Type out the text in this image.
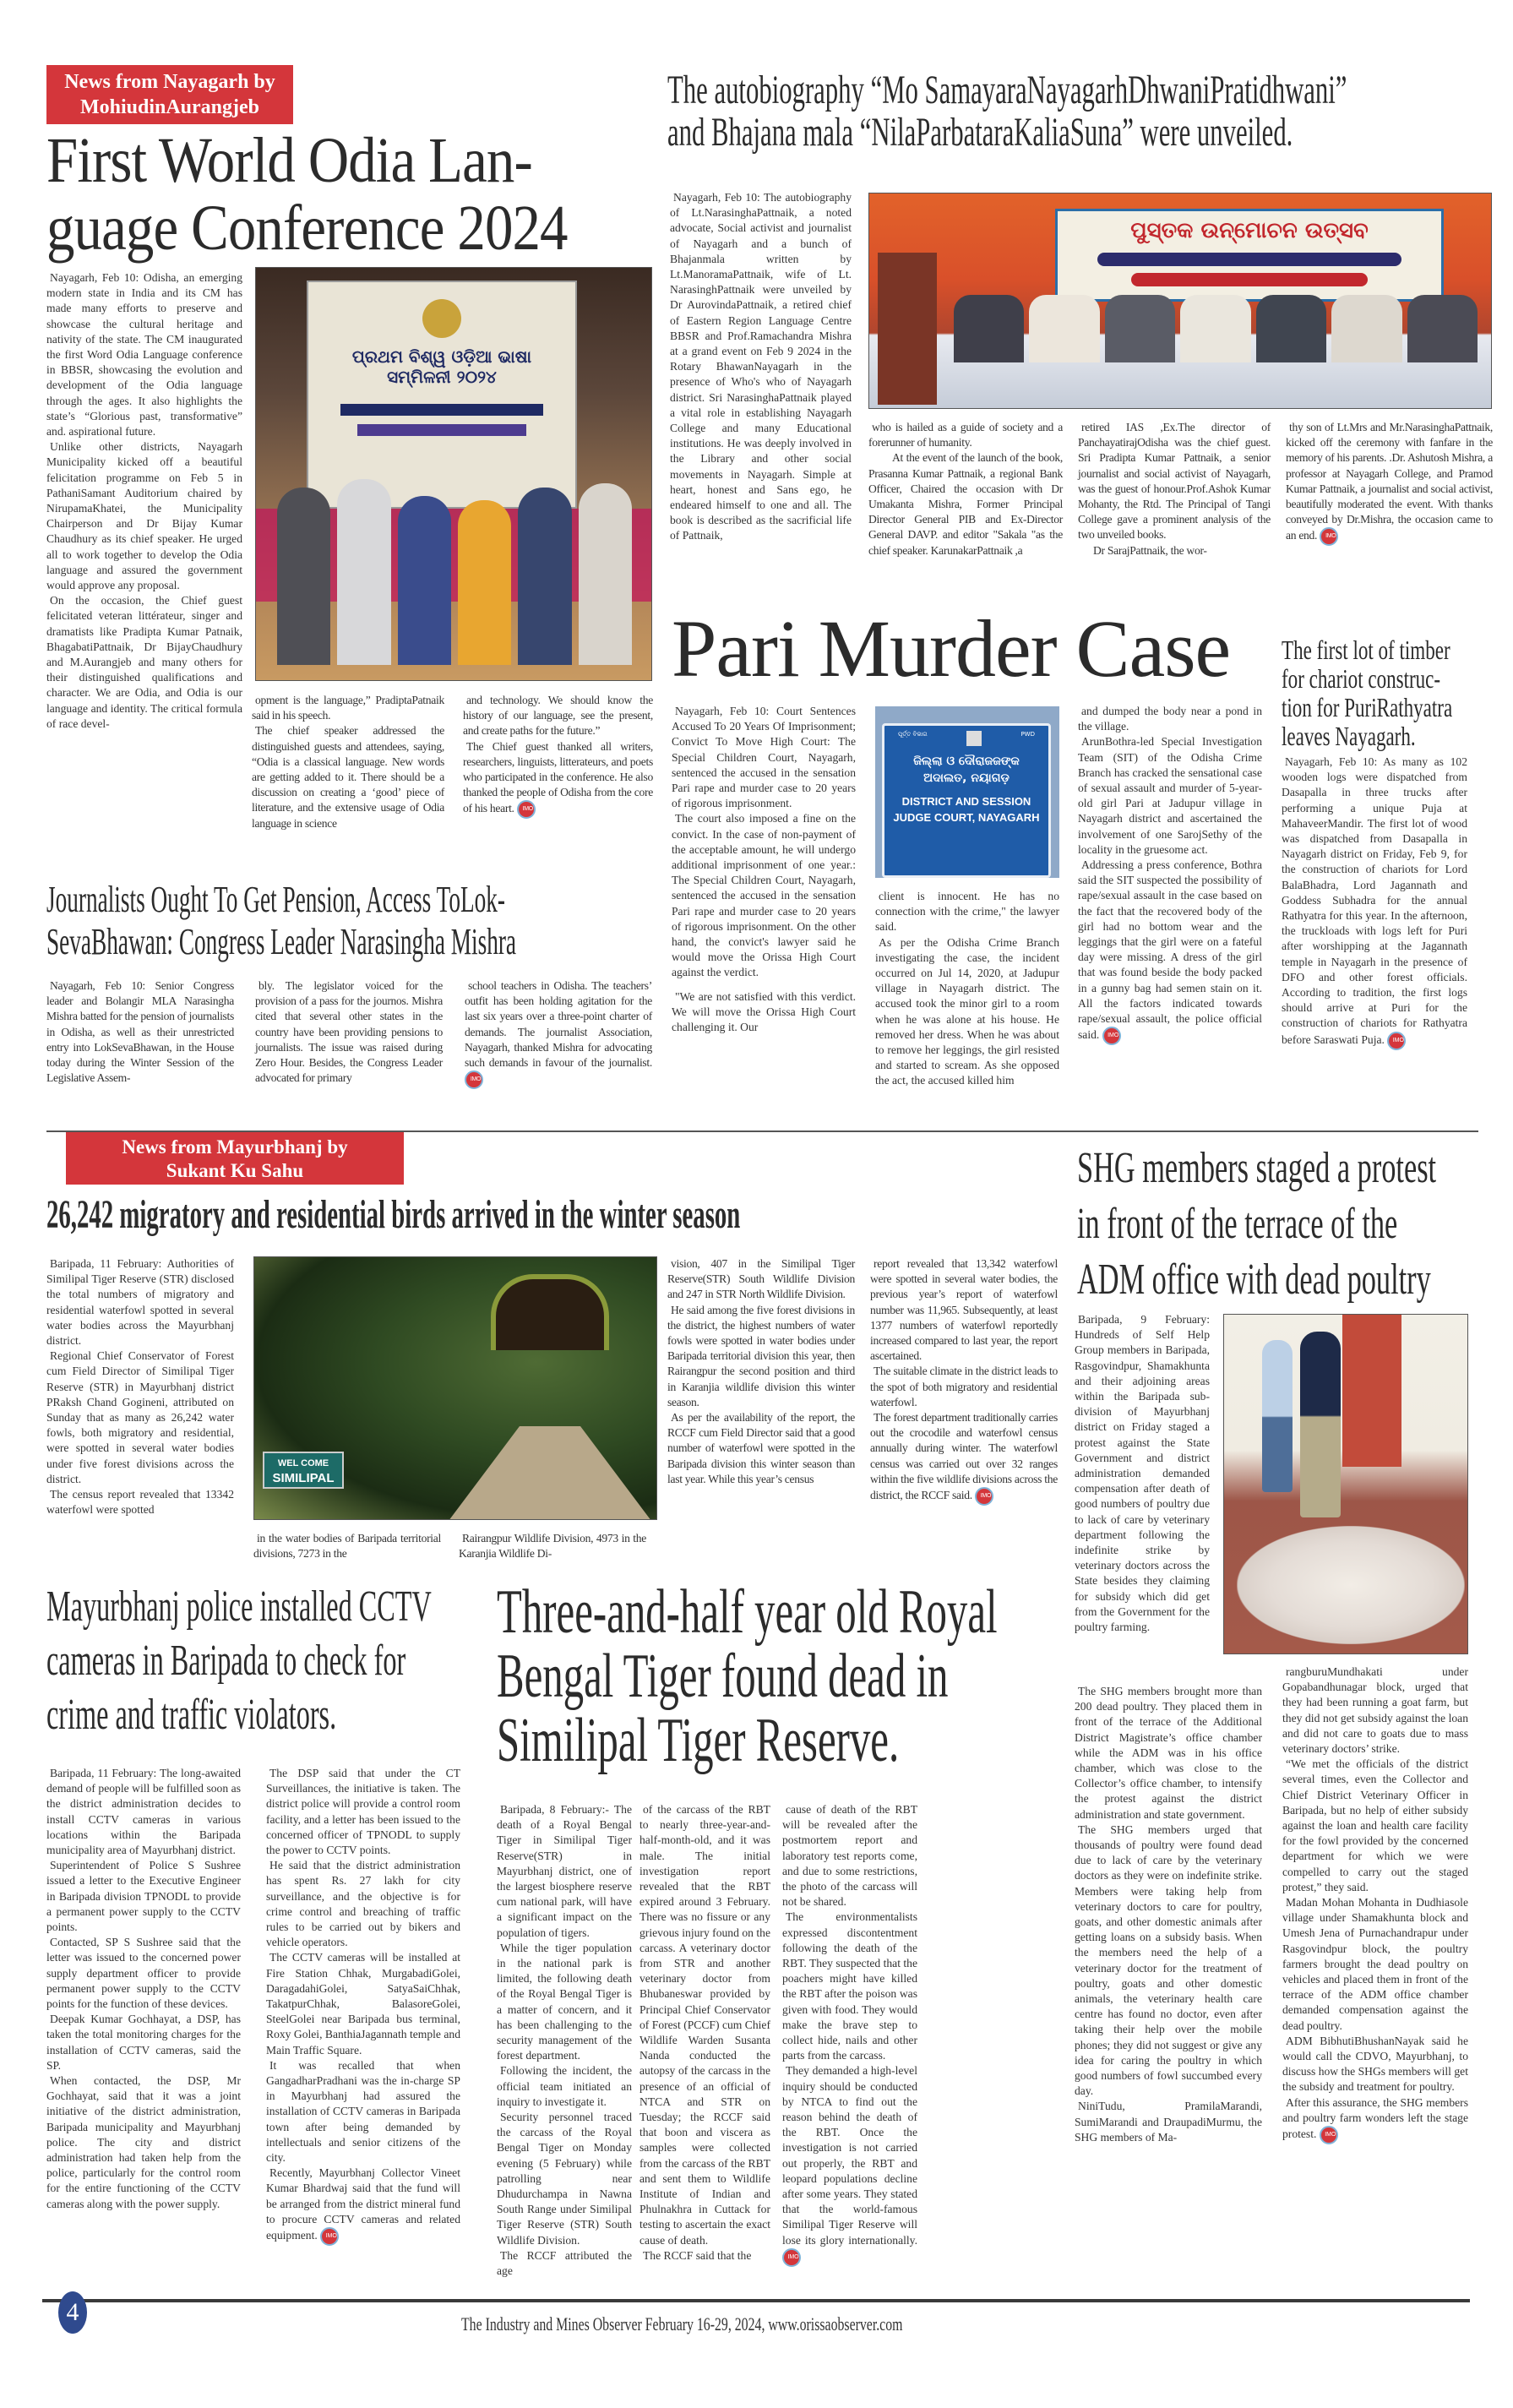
News from Nayagarh by
MohiudinAurangjeb
First World Odia Lan-
guage Conference 2024

Nayagarh, Feb 10: Odisha, an emerging modern state in India and its CM has made many efforts to preserve and showcase the cultural heritage and nativity of the state. The CM inaugurated the first Word Odia Language conference in BBSR, showcasing the evolution and development of the Odia language through the ages. It also highlights the state’s “Glorious past, transformative” and. aspirational future.

Unlike other districts, Nayagarh Municipality kicked off a beautiful felicitation programme on Feb 5 in PathaniSamant Auditorium chaired by NirupamaKhatei, the Municipality Chairperson and Dr Bijay Kumar Chaudhury as its chief speaker. He urged all to work together to develop the Odia language and assured the government would approve any proposal.

On the occasion, the Chief guest felicitated veteran littérateur, singer and dramatists like Pradipta Kumar Patnaik, BhagabatiPattnaik, Dr BijayChaudhury and M.Aurangjeb and many others for their distinguished qualifications and character. We are Odia, and Odia is our language and identity. The critical formula of race devel-

ପ୍ରଥମ ବିଶ୍ୱ ଓଡ଼ିଆ ଭାଷା ସମ୍ମିଳନୀ ୨୦୨୪

opment is the language,” PradiptaPatnaik said in his speech.

The chief speaker addressed the distinguished guests and attendees, saying, “Odia is a classical language. New words are getting added to it. There should be a discussion on creating a ‘good’ piece of literature, and the extensive usage of Odia language in science

and technology. We should know the history of our language, see the present, and create paths for the future.”

The Chief guest thanked all writers, researchers, linguists, litterateurs, and poets who participated in the conference. He also thanked the people of Odisha from the core of his heart. IMO

The autobiography “Mo SamayaraNayagarhDhwaniPratidhwani”
and Bhajana mala “NilaParbataraKaliaSuna” were unveiled.

Nayagarh, Feb 10: The autobiography of Lt.NarasinghaPattnaik, a noted advocate, Social activist and journalist of Nayagarh and a bunch of Bhajanmala written by Lt.ManoramaPattnaik, wife of Lt. NarasinghPattnaik were unveiled by Dr AurovindaPattnaik, a retired chief of Eastern Region Language Centre BBSR and Prof.Ramachandra Mishra at a grand event on Feb 9 2024 in the Rotary BhawanNayagarh in the presence of Who's who of Nayagarh district. Sri NarasinghaPattnaik played a vital role in establishing Nayagarh College and many Educational institutions. He was deeply involved in the Library and other social movements in Nayagarh. Simple at heart, honest and Sans ego, he endeared himself to one and all. The book is described as the sacrificial life of Pattnaik,

ପୁସ୍ତକ ଉନ୍ମୋଚନ ଉତ୍ସବ

who is hailed as a guide of society and a forerunner of humanity.

At the event of the launch of the book, Prasanna Kumar Pattnaik, a regional Bank Officer, Chaired the occasion with Dr Umakanta Mishra, Former Principal Director General PIB and Ex-Director General DAVP. and editor "Sakala "as the chief speaker. KarunakarPattnaik ,a

retired IAS ,Ex.The director of PanchayatirajOdisha was the chief guest. Sri Pradipta Kumar Pattnaik, a senior journalist and social activist of Nayagarh, was the guest of honour.Prof.Ashok Kumar Mohanty, the Rtd. The Principal of Tangi College gave a prominent analysis of the two unveiled books.

Dr SarajPattnaik, the wor-

thy son of Lt.Mrs and Mr.NarasinghaPattnaik, kicked off the ceremony with fanfare in the memory of his parents. .Dr. Ashutosh Mishra, a professor at Nayagarh College, and Pramod Kumar Pattnaik, a journalist and social activist, beautifully moderated the event. With thanks conveyed by Dr.Mishra, the occasion came to an end. IMO

Pari Murder Case

Nayagarh, Feb 10: Court Sentences Accused To 20 Years Of Imprisonment; Convict To Move High Court: The Special Children Court, Nayagarh, sentenced the accused in the sensation Pari rape and murder case to 20 years of rigorous imprisonment.

The court also imposed a fine on the convict. In the case of non-payment of the acceptable amount, he will undergo additional imprisonment of one year.: The Special Children Court, Nayagarh, sentenced the accused in the sensation Pari rape and murder case to 20 years of rigorous imprisonment. On the other hand, the convict's lawyer said he would move the Orissa High Court against the verdict.

"We are not satisfied with this verdict. We will move the Orissa High Court challenging it. Our

ପୂର୍ତ୍ତ ବିଭାଗ	PWD
ଜିଲ୍ଲା ଓ ଦୌରାଜଜଙ୍କ
ଅଦାଲତ, ନୟାଗଡ଼
DISTRICT AND SESSION
JUDGE COURT, NAYAGARH

client is innocent. He has no connection with the crime," the lawyer said.

As per the Odisha Crime Branch investigating the case, the incident occurred on Jul 14, 2020, at Jadupur village in Nayagarh district. The accused took the minor girl to a room when he was alone at his house. He removed her dress. When he was about to remove her leggings, the girl resisted and started to scream. As she opposed the act, the accused killed him

and dumped the body near a pond in the village.

ArunBothra-led Special Investigation Team (SIT) of the Odisha Crime Branch has cracked the sensational case of sexual assault and murder of 5-year-old girl Pari at Jadupur village in Nayagarh district and ascertained the involvement of one SarojSethy of the locality in the gruesome act.

Addressing a press conference, Bothra said the SIT suspected the possibility of rape/sexual assault in the case based on the fact that the recovered body of the girl had no bottom wear and the leggings that the girl were on a fateful day were missing. A dress of the girl that was found beside the body packed in a gunny bag had semen stain on it. All the factors indicated towards rape/sexual assault, the police official said. IMO

The first lot of timber
for chariot construc-
tion for PuriRathyatra
leaves Nayagarh.

Nayagarh, Feb 10: As many as 102 wooden logs were dispatched from Dasapalla in three trucks after performing a unique Puja at MahaveerMandir. The first lot of wood was dispatched from Dasapalla in Nayagarh district on Friday, Feb 9, for the construction of chariots for Lord BalaBhadra, Lord Jagannath and Goddess Subhadra for the annual Rathyatra for this year. In the afternoon, the truckloads with logs left for Puri after worshipping at the Jagannath temple in Nayagarh in the presence of DFO and other forest officials. According to tradition, the first logs should arrive at Puri for the construction of chariots for Rathyatra before Saraswati Puja. IMO

Journalists Ought To Get Pension, Access ToLok-
SevaBhawan: Congress Leader Narasingha Mishra

Nayagarh, Feb 10: Senior Congress leader and Bolangir MLA Narasingha Mishra batted for the pension of journalists in Odisha, as well as their unrestricted entry into LokSevaBhawan, in the House today during the Winter Session of the Legislative Assem-

bly. The legislator voiced for the provision of a pass for the journos. Mishra cited that several other states in the country have been providing pensions to journalists. The issue was raised during Zero Hour. Besides, the Congress Leader advocated for primary

school teachers in Odisha. The teachers’ outfit has been holding agitation for the last six years over a three-point charter of demands. The journalist Association, Nayagarh, thanked Mishra for advocating such demands in favour of the journalist. IMO

News from Mayurbhanj by
Sukant Ku Sahu
26,242 migratory and residential birds arrived in the winter season

Baripada, 11 February: Authorities of Similipal Tiger Reserve (STR) disclosed the total numbers of migratory and residential waterfowl spotted in several water bodies across the Mayurbhanj district.

Regional Chief Conservator of Forest cum Field Director of Similipal Tiger Reserve (STR) in Mayurbhanj district PRaksh Chand Gogineni, attributed on Sunday that as many as 26,242 water fowls, both migratory and residential, were spotted in several water bodies under five forest divisions across the district.

The census report revealed that 13342 waterfowl were spotted

WEL COME
SIMILIPAL

in the water bodies of Baripada territorial divisions, 7273 in the

Rairangpur Wildlife Division, 4973 in the Karanjia Wildlife Di-

vision, 407 in the Similipal Tiger Reserve(STR) South Wildlife Division and 247 in STR North Wildlife Division.

He said among the five forest divisions in the district, the highest numbers of water fowls were spotted in water bodies under Baripada territorial division this year, then Rairangpur the second position and third in Karanjia wildlife division this winter season.

As per the availability of the report, the RCCF cum Field Director said that a good number of waterfowl were spotted in the Baripada division this winter season than last year. While this year’s census

report revealed that 13,342 waterfowl were spotted in several water bodies, the previous year’s report of waterfowl number was 11,965. Subsequently, at least 1377 numbers of waterfowl reportedly increased compared to last year, the report ascertained.

The suitable climate in the district leads to the spot of both migratory and residential waterfowl.

The forest department traditionally carries out the crocodile and waterfowl census annually during winter. The waterfowl census was carried out over 32 ranges within the five wildlife divisions across the district, the RCCF said. IMO

SHG members staged a protest
in front of the terrace of the
ADM office with dead poultry

Baripada, 9 February: Hundreds of Self Help Group members in Baripada, Rasgovindpur, Shamakhunta and their adjoining areas within the Baripada sub-division of Mayurbhanj district on Friday staged a protest against the State Government and district administration demanded compensation after death of good numbers of poultry due to lack of care by veterinary department following the indefinite strike by veterinary doctors across the State besides they claiming for subsidy which did get from the Government for the poultry farming.

The SHG members brought more than 200 dead poultry. They placed them in front of the terrace of the Additional District Magistrate’s office chamber while the ADM was in his office chamber, which was close to the Collector’s office chamber, to intensify the protest against the district administration and state government.

The SHG members urged that thousands of poultry were found dead due to lack of care by the veterinary doctors as they were on indefinite strike. Members were taking help from veterinary doctors to care for poultry, goats, and other domestic animals after getting loans on a subsidy basis. When the members need the help of a veterinary doctor for the treatment of poultry, goats and other domestic animals, the veterinary health care centre has found no doctor, even after taking their help over the mobile phones; they did not suggest or give any idea for caring the poultry in which good numbers of fowl succumbed every day.

NiniTudu, PramilaMarandi, SumiMarandi and DraupadiMurmu, the SHG members of Ma-

rangburuMundhakati under Gopabandhunagar block, urged that they had been running a goat farm, but they did not get subsidy against the loan and did not care to goats due to mass veterinary doctors’ strike.

“We met the officials of the district several times, even the Collector and Chief District Veterinary Officer in Baripada, but no help of either subsidy against the loan and health care facility for the fowl provided by the concerned department for which we were compelled to carry out the staged protest,” they said.

Madan Mohan Mohanta in Dudhiasole village under Shamakhunta block and Umesh Jena of Purnachandrapur under Rasgovindpur block, the poultry farmers brought the dead poultry on vehicles and placed them in front of the terrace of the ADM office chamber demanded compensation against the dead poultry.

ADM BibhutiBhushanNayak said he would call the CDVO, Mayurbhanj, to discuss how the SHGs members will get the subsidy and treatment for poultry.

After this assurance, the SHG members and poultry farm wonders left the stage protest. IMO

Mayurbhanj police installed CCTV
cameras in Baripada to check for
crime and traffic violators.

Baripada, 11 February: The long-awaited demand of people will be fulfilled soon as the district administration decides to install CCTV cameras in various locations within the Baripada municipality area of Mayurbhanj district.

Superintendent of Police S Sushree issued a letter to the Executive Engineer in Baripada division TPNODL to provide a permanent power supply to the CCTV points.

Contacted, SP S Sushree said that the letter was issued to the concerned power supply department officer to provide permanent power supply to the CCTV points for the function of these devices.

Deepak Kumar Gochhayat, a DSP, has taken the total monitoring charges for the installation of CCTV cameras, said the SP.

When contacted, the DSP, Mr Gochhayat, said that it was a joint initiative of the district administration, Baripada municipality and Mayurbhanj police. The city and district administration had taken help from the police, particularly for the control room for the entire functioning of the CCTV cameras along with the power supply.

The DSP said that under the CT Surveillances, the initiative is taken. The district police will provide a control room facility, and a letter has been issued to the concerned officer of TPNODL to supply the power to CCTV points.

He said that the district administration has spent Rs. 27 lakh for city surveillance, and the objective is for crime control and breaching of traffic rules to be carried out by bikers and vehicle operators.

The CCTV cameras will be installed at Fire Station Chhak, MurgabadiGolei, DaragadahiGolei, SatyaSaiChhak, TakatpurChhak, BalasoreGolei, SteelGolei near Baripada bus terminal, Roxy Golei, BanthiaJagannath temple and Main Traffic Square.

It was recalled that when GangadharPradhani was the in-charge SP in Mayurbhanj had assured the installation of CCTV cameras in Baripada town after being demanded by intellectuals and senior citizens of the city.

Recently, Mayurbhanj Collector Vineet Kumar Bhardwaj said that the fund will be arranged from the district mineral fund to procure CCTV cameras and related equipment. IMO

Three-and-half year old Royal
Bengal Tiger found dead in
Similipal Tiger Reserve.

Baripada, 8 February:- The death of a Royal Bengal Tiger in Similipal Tiger Reserve(STR) in Mayurbhanj district, one of the largest biosphere reserve cum national park, will have a significant impact on the population of tigers.

While the tiger population in the national park is limited, the following death of the Royal Bengal Tiger is a matter of concern, and it has been challenging to the security management of the forest department.

Following the incident, the official team initiated an inquiry to investigate it.

Security personnel traced the carcass of the Royal Bengal Tiger on Monday evening (5 February) while patrolling near Dhudurchampa in Nawna South Range under Similipal Tiger Reserve (STR) South Wildlife Division.

The RCCF attributed the age

of the carcass of the RBT to nearly three-year-and-half-month-old, and it was male. The initial investigation report revealed that the RBT expired around 3 February. There was no fissure or any grievous injury found on the carcass. A veterinary doctor from STR and another veterinary doctor from Bhubaneswar provided by Principal Chief Conservator of Forest (PCCF) cum Chief Wildlife Warden Susanta Nanda conducted the autopsy of the carcass in the presence of an official of NTCA and STR on Tuesday; the RCCF said that boon and viscera as samples were collected from the carcass of the RBT and sent them to Wildlife Institute of Indian and Phulnakhra in Cuttack for testing to ascertain the exact cause of death.

The RCCF said that the

cause of death of the RBT will be revealed after the postmortem report and laboratory test reports come, and due to some restrictions, the photo of the carcass will not be shared.

The environmentalists expressed discontentment following the death of the RBT. They suspected that the poachers might have killed the RBT after the poison was given with food. They would make the brave step to collect hide, nails and other parts from the carcass.

They demanded a high-level inquiry should be conducted by NTCA to find out the reason behind the death of the RBT. Once the investigation is not carried out properly, the RBT and leopard populations decline after some years. They stated that the world-famous Similipal Tiger Reserve will lose its glory internationally. IMO

4	The Industry and Mines Observer February 16-29, 2024, www.orissaobserver.com
